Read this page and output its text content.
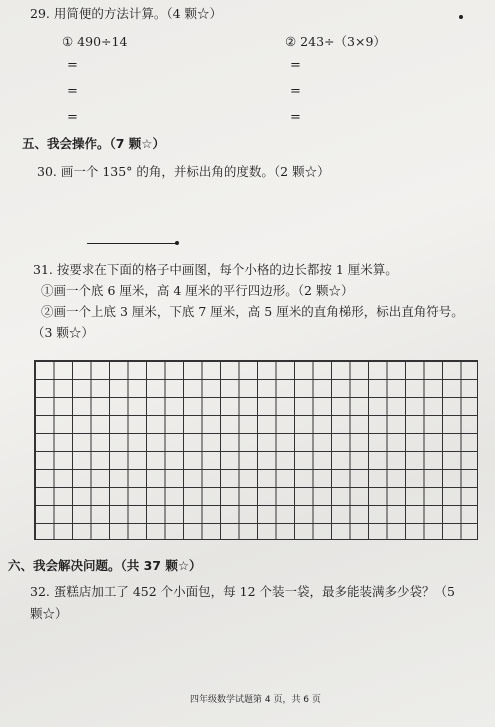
29. 用简便的方法计算。（4 颗☆）
① 490÷14	② 243÷（3×9）
=
=
=
=
=
=
五、我会操作。（7 颗☆）
30. 画一个 135° 的角，并标出角的度数。（2 颗☆）
31. 按要求在下面的格子中画图，每个小格的边长都按 1 厘米算。
①画一个底 6 厘米，高 4 厘米的平行四边形。（2 颗☆）
②画一个上底 3 厘米，下底 7 厘米，高 5 厘米的直角梯形，标出直角符号。
（3 颗☆）
六、我会解决问题。（共 37 颗☆）
32. 蛋糕店加工了 452 个小面包，每 12 个装一袋，最多能装满多少袋？（5
颗☆）
四年级数学试题第 4 页，共 6 页
